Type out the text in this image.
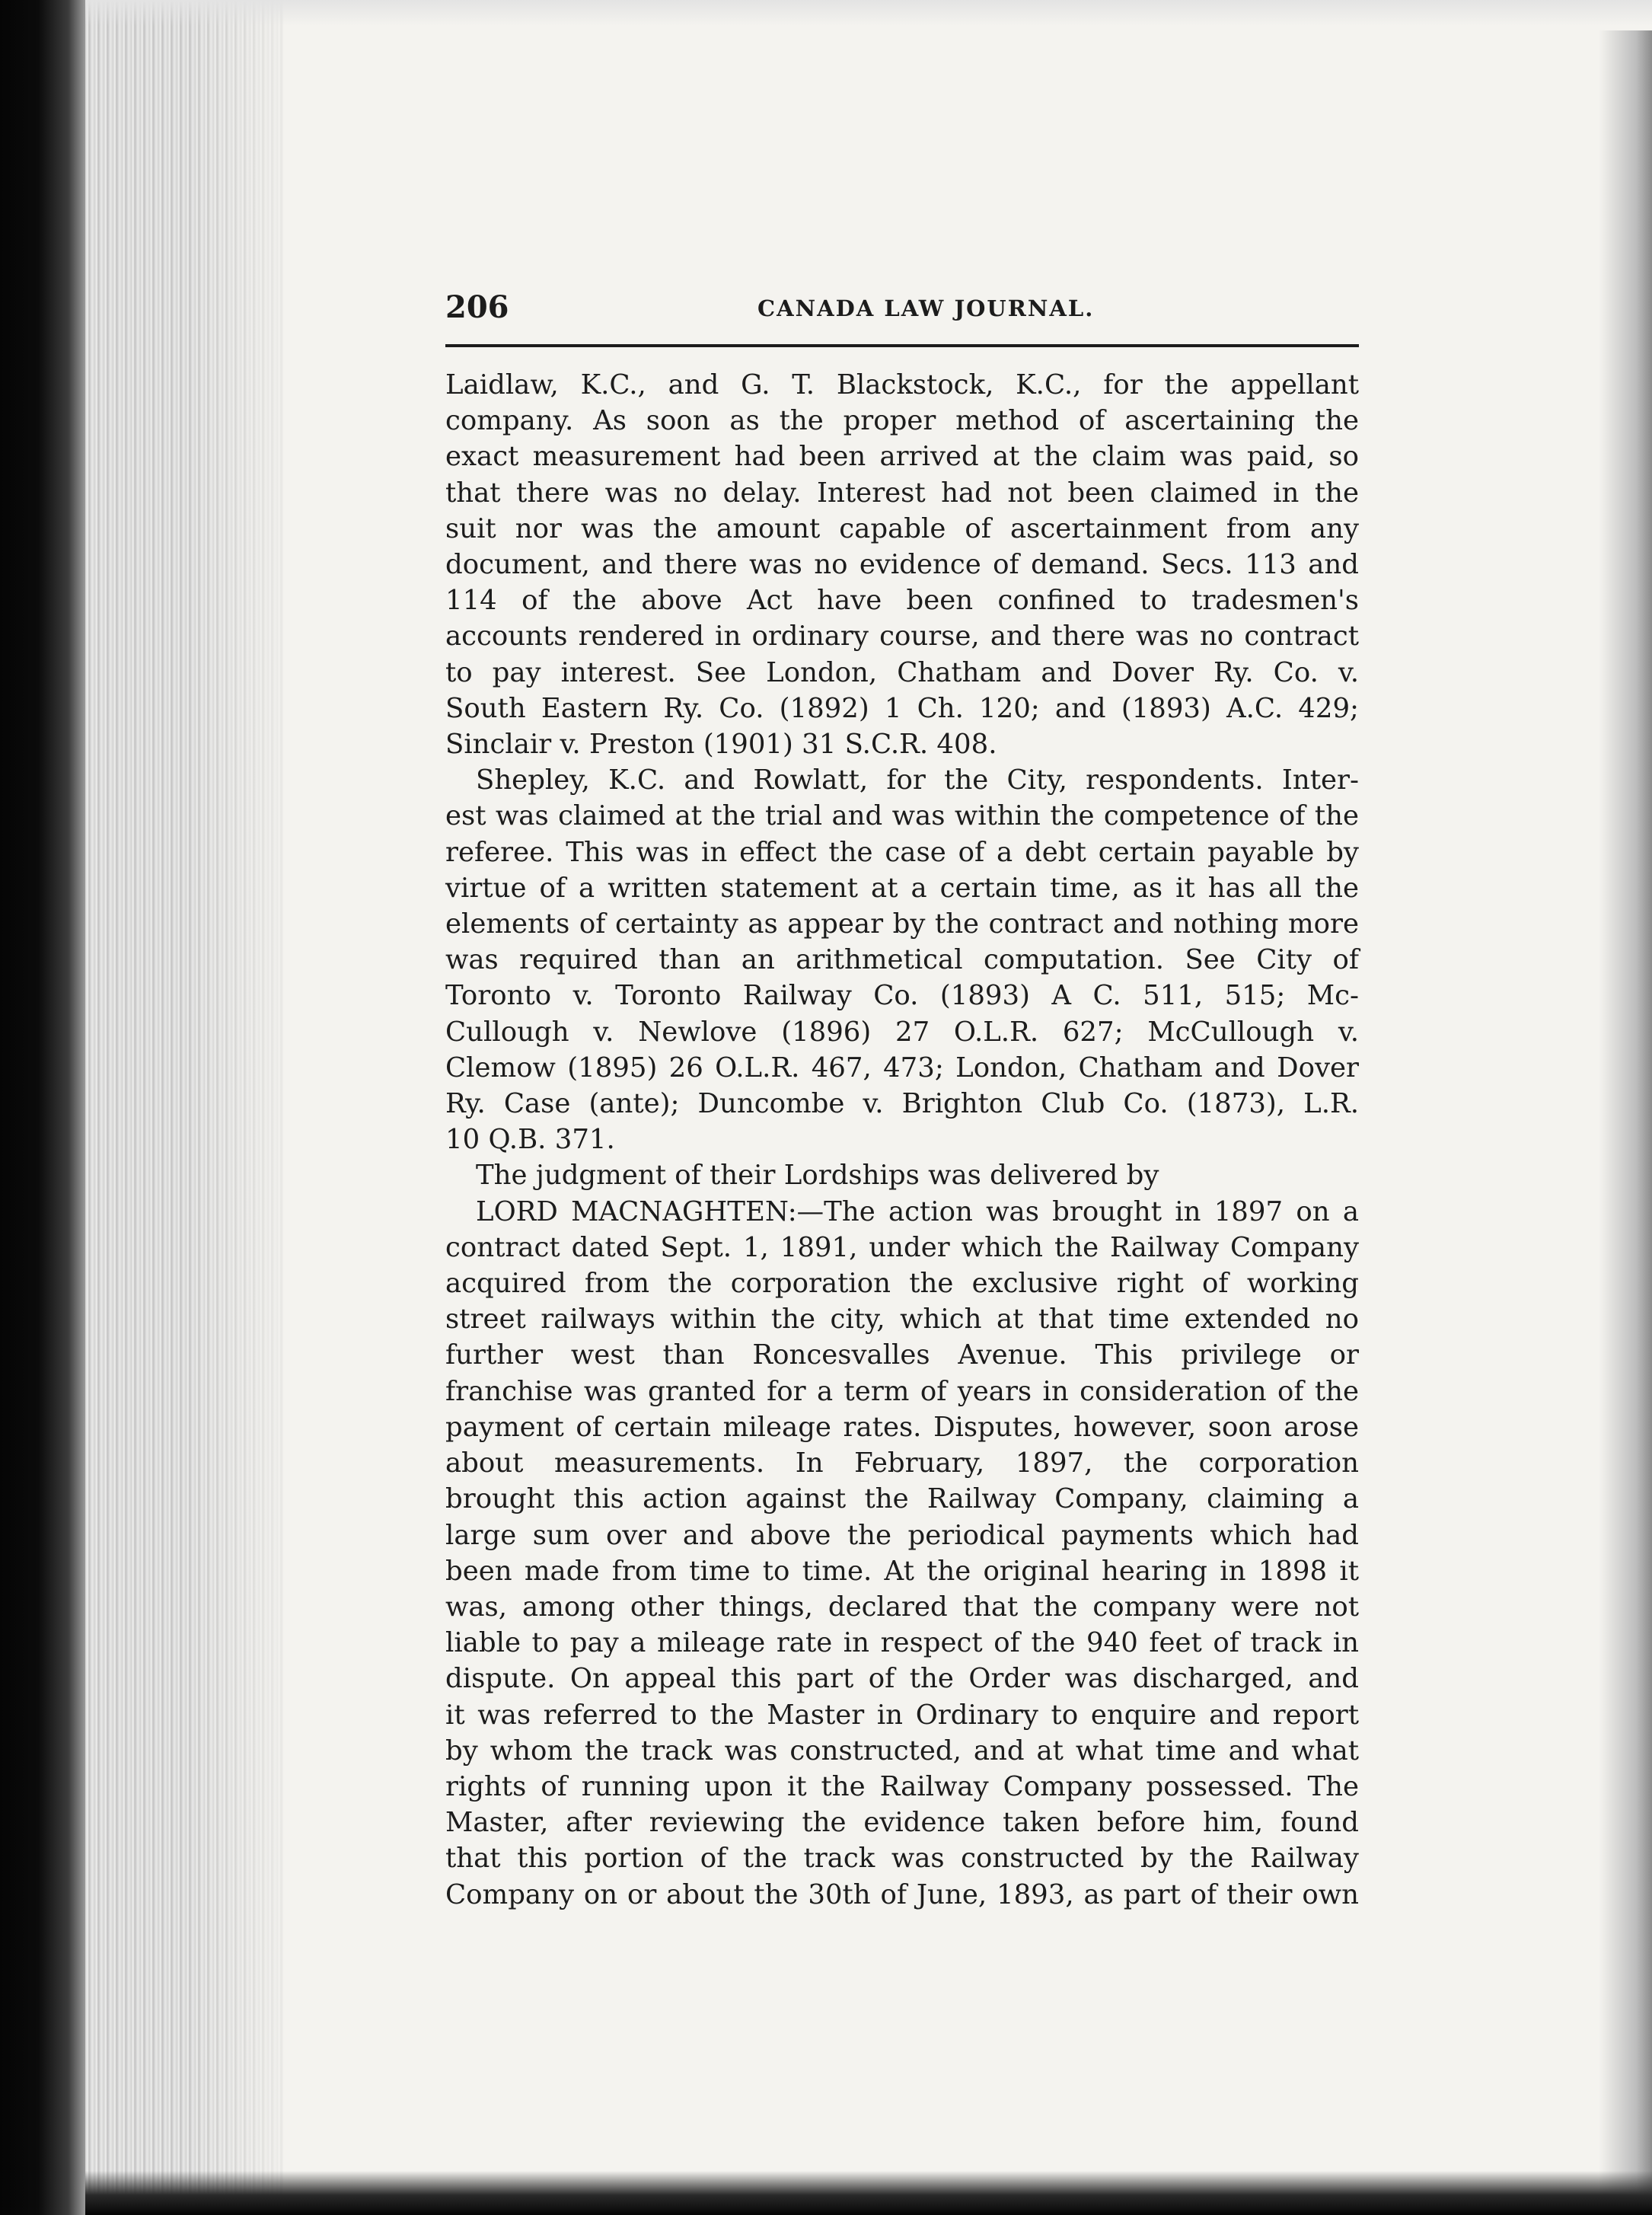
206	CANADA LAW JOURNAL.
Laidlaw, K.C., and G. T. Blackstock, K.C., for the appellant
company. As soon as the proper method of ascertaining the
exact measurement had been arrived at the claim was paid, so
that there was no delay. Interest had not been claimed in the
suit nor was the amount capable of ascertainment from any
document, and there was no evidence of demand. Secs. 113 and
114 of the above Act have been confined to tradesmen's
accounts rendered in ordinary course, and there was no contract
to pay interest. See London, Chatham and Dover Ry. Co. v.
South Eastern Ry. Co. (1892) 1 Ch. 120; and (1893) A.C. 429;
Sinclair v. Preston (1901) 31 S.C.R. 408.
Shepley, K.C. and Rowlatt, for the City, respondents. Inter-
est was claimed at the trial and was within the competence of the
referee. This was in effect the case of a debt certain payable by
virtue of a written statement at a certain time, as it has all the
elements of certainty as appear by the contract and nothing more
was required than an arithmetical computation. See City of
Toronto v. Toronto Railway Co. (1893) A C. 511, 515; Mc-
Cullough v. Newlove (1896) 27 O.L.R. 627; McCullough v.
Clemow (1895) 26 O.L.R. 467, 473; London, Chatham and Dover
Ry. Case (ante); Duncombe v. Brighton Club Co. (1873), L.R.
10 Q.B. 371.
The judgment of their Lordships was delivered by
LORD MACNAGHTEN:—The action was brought in 1897 on a
contract dated Sept. 1, 1891, under which the Railway Company
acquired from the corporation the exclusive right of working
street railways within the city, which at that time extended no
further west than Roncesvalles Avenue. This privilege or
franchise was granted for a term of years in consideration of the
payment of certain mileage rates. Disputes, however, soon arose
about measurements. In February, 1897, the corporation
brought this action against the Railway Company, claiming a
large sum over and above the periodical payments which had
been made from time to time. At the original hearing in 1898 it
was, among other things, declared that the company were not
liable to pay a mileage rate in respect of the 940 feet of track in
dispute. On appeal this part of the Order was discharged, and
it was referred to the Master in Ordinary to enquire and report
by whom the track was constructed, and at what time and what
rights of running upon it the Railway Company possessed. The
Master, after reviewing the evidence taken before him, found
that this portion of the track was constructed by the Railway
Company on or about the 30th of June, 1893, as part of their own
